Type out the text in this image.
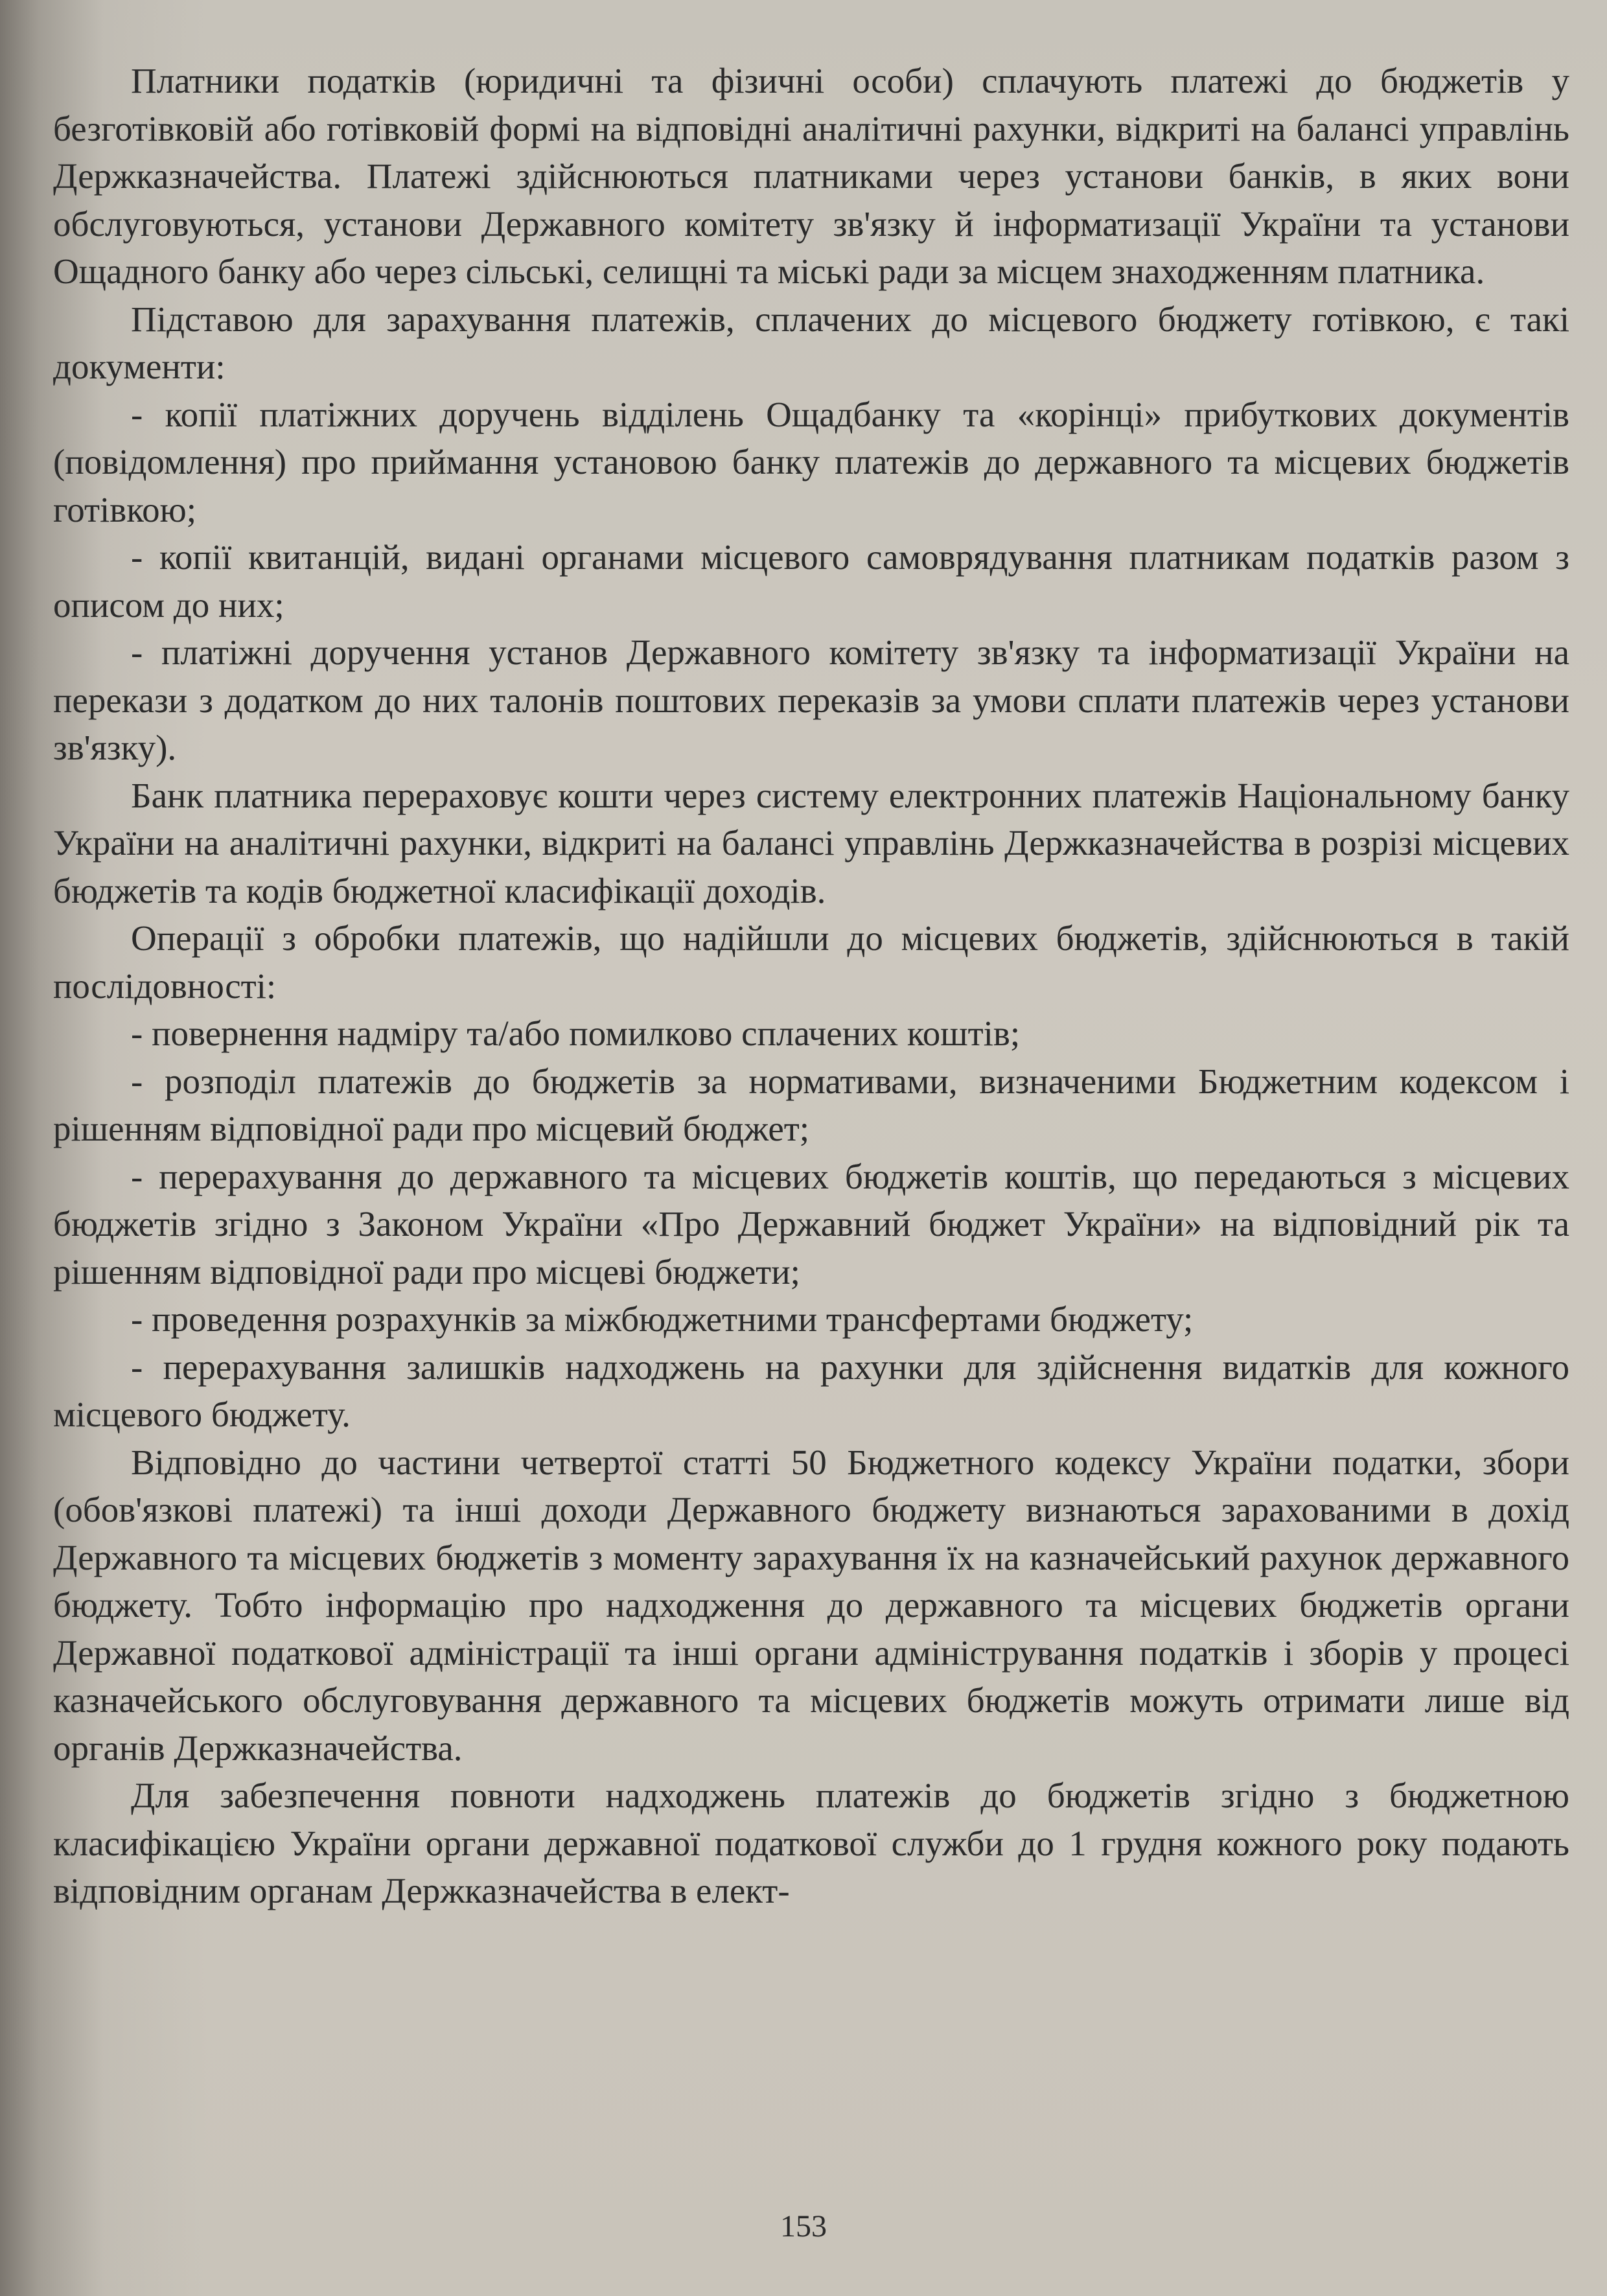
Платники податків (юридичні та фізичні особи) сплачують платежі до бюджетів у безготівковій або готівковій формі на відповідні аналітичні рахунки, відкриті на балансі управлінь Держказначейства. Платежі здійснюються платниками через установи банків, в яких вони обслуговуються, установи Державного комітету зв'язку й інформатизації України та установи Ощадного банку або через сільські, селищні та міські ради за місцем знаходженням платника.

Підставою для зарахування платежів, сплачених до місцевого бюджету готівкою, є такі документи:

- копії платіжних доручень відділень Ощадбанку та «корінці» прибуткових документів (повідомлення) про приймання установою банку платежів до державного та місцевих бюджетів готівкою;

- копії квитанцій, видані органами місцевого самоврядування платникам податків разом з описом до них;

- платіжні доручення установ Державного комітету зв'язку та інформатизації України на перекази з додатком до них талонів поштових переказів за умови сплати платежів через установи зв'язку).

Банк платника перераховує кошти через систему електронних платежів Національному банку України на аналітичні рахунки, відкриті на балансі управлінь Держказначейства в розрізі місцевих бюджетів та кодів бюджетної класифікації доходів.

Операції з обробки платежів, що надійшли до місцевих бюджетів, здійснюються в такій послідовності:

- повернення надміру та/або помилково сплачених коштів;

- розподіл платежів до бюджетів за нормативами, визначеними Бюджетним кодексом і рішенням відповідної ради про місцевий бюджет;

- перерахування до державного та місцевих бюджетів коштів, що передаються з місцевих бюджетів згідно з Законом України «Про Державний бюджет України» на відповідний рік та рішенням відповідної ради про місцеві бюджети;

- проведення розрахунків за міжбюджетними трансфертами бюджету;

- перерахування залишків надходжень на рахунки для здійснення видатків для кожного місцевого бюджету.

Відповідно до частини четвертої статті 50 Бюджетного кодексу України податки, збори (обов'язкові платежі) та інші доходи Державного бюджету визнаються зарахованими в дохід Державного та місцевих бюджетів з моменту зарахування їх на казначейський рахунок державного бюджету. Тобто інформацію про надходження до державного та місцевих бюджетів органи Державної податкової адміністрації та інші органи адміністрування податків і зборів у процесі казначейського обслуговування державного та місцевих бюджетів можуть отримати лише від органів Держказначейства.

Для забезпечення повноти надходжень платежів до бюджетів згідно з бюджетною класифікацією України органи державної податкової служби до 1 грудня кожного року подають відповідним органам Держказначейства в елект-

153
